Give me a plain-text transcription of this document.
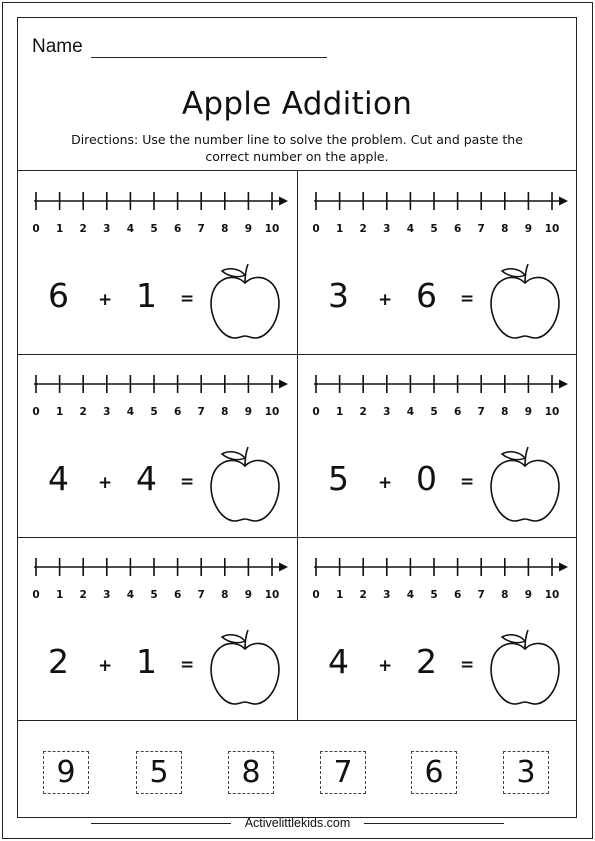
Name
Apple Addition
Directions: Use the number line to solve the problem. Cut and paste the
correct number on the apple.
0 1 2 3 4 5 6 7 8 9 10
6 + 1 =
0 1 2 3 4 5 6 7 8 9 10
3 + 6 =
0 1 2 3 4 5 6 7 8 9 10
4 + 4 =
0 1 2 3 4 5 6 7 8 9 10
5 + 0 =
0 1 2 3 4 5 6 7 8 9 10
2 + 1 =
0 1 2 3 4 5 6 7 8 9 10
4 + 2 =
9	5	8	7	6	3
Activelittlekids.com
